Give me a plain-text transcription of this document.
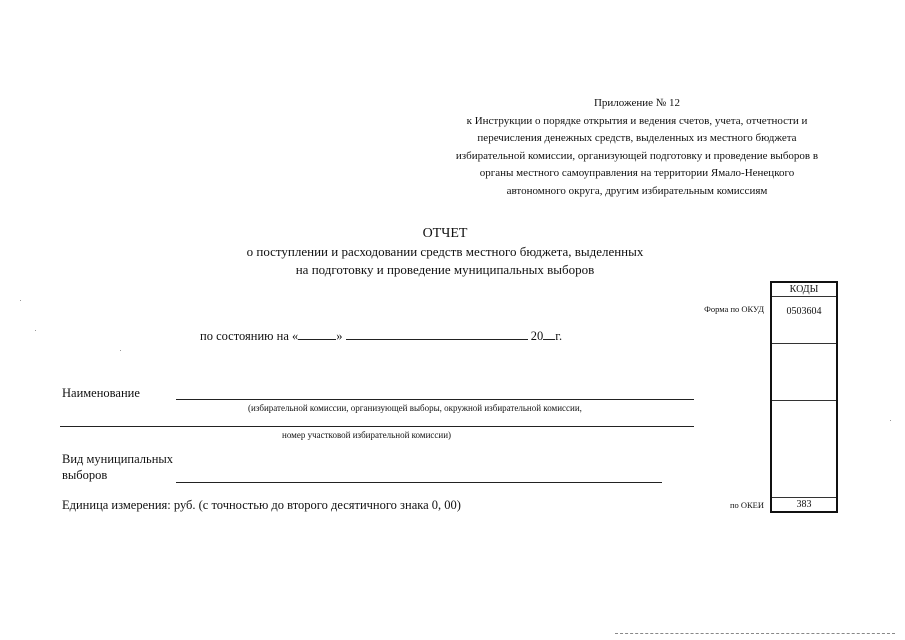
Приложение № 12
к Инструкции о порядке открытия и ведения счетов, учета, отчетности и
перечисления денежных средств, выделенных из местного бюджета
избирательной комиссии, организующей подготовку и проведение выборов в
органы местного самоуправления на территории Ямало-Ненецкого
автономного округа, другим избирательным комиссиям
ОТЧЕТ
о поступлении и расходовании средств местного бюджета, выделенных
на подготовку и проведение муниципальных выборов
по состоянию на «	»	20 г.
Наименование
(избирательной комиссии, организующей выборы, окружной избирательной комиссии,
номер участковой избирательной комиссии)
Вид муниципальных
выборов
Единица измерения: руб. (с точностью до второго десятичного знака 0, 00)
Форма по ОКУД
по ОКЕИ
КОДЫ
0503604
383
